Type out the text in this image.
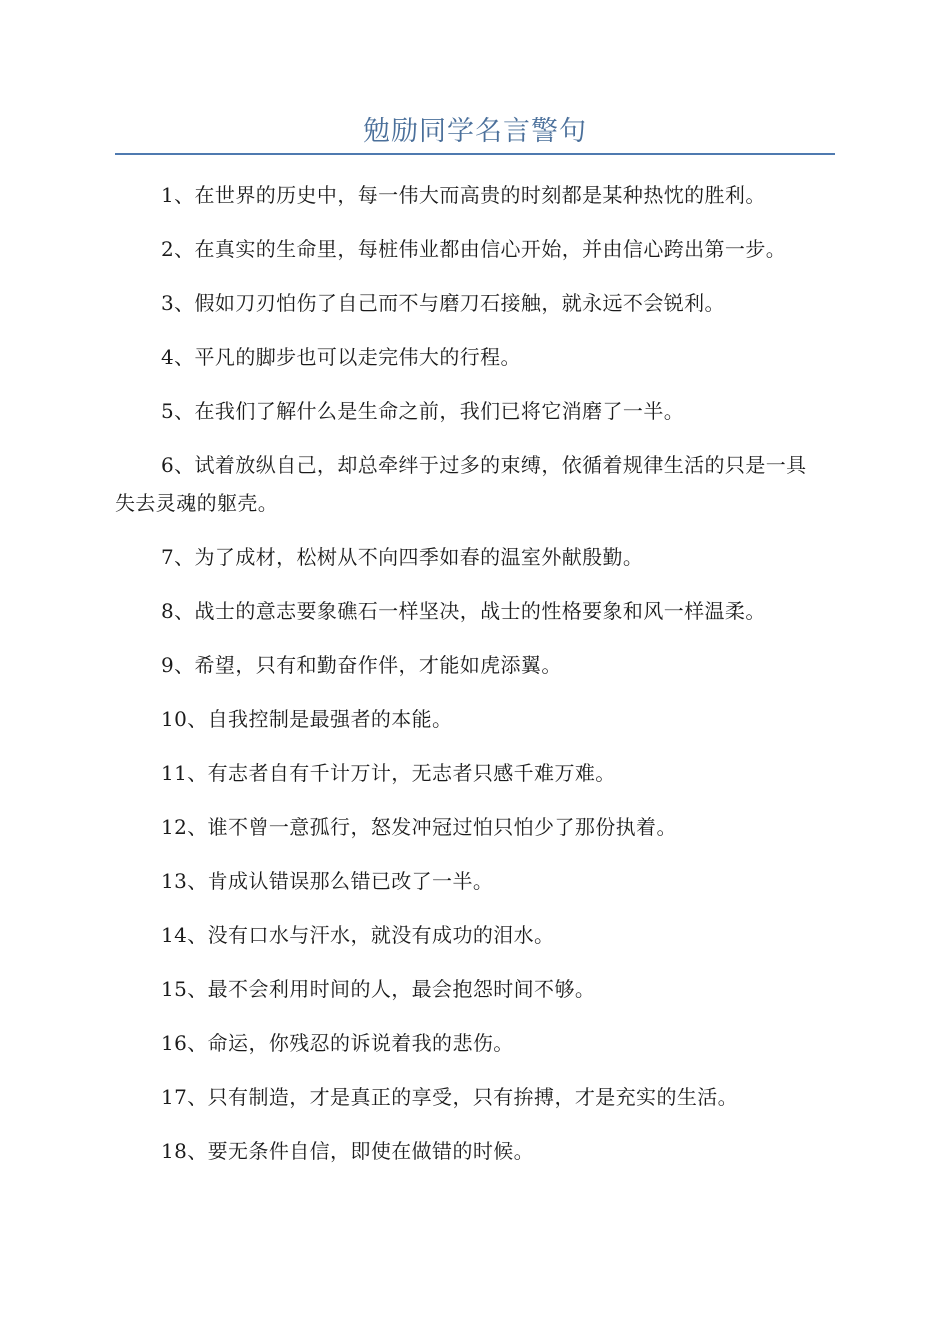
勉励同学名言警句

1、在世界的历史中，每一伟大而高贵的时刻都是某种热忱的胜利。

2、在真实的生命里，每桩伟业都由信心开始，并由信心跨出第一步。

3、假如刀刃怕伤了自己而不与磨刀石接触，就永远不会锐利。

4、平凡的脚步也可以走完伟大的行程。

5、在我们了解什么是生命之前，我们已将它消磨了一半。

6、试着放纵自己，却总牵绊于过多的束缚，依循着规律生活的只是一具失去灵魂的躯壳。

7、为了成材，松树从不向四季如春的温室外献殷勤。

8、战士的意志要象礁石一样坚决，战士的性格要象和风一样温柔。

9、希望，只有和勤奋作伴，才能如虎添翼。

10、自我控制是最强者的本能。

11、有志者自有千计万计，无志者只感千难万难。

12、谁不曾一意孤行，怒发冲冠过怕只怕少了那份执着。

13、肯成认错误那么错已改了一半。

14、没有口水与汗水，就没有成功的泪水。

15、最不会利用时间的人，最会抱怨时间不够。

16、命运，你残忍的诉说着我的悲伤。

17、只有制造，才是真正的享受，只有拚搏，才是充实的生活。

18、要无条件自信，即使在做错的时候。
